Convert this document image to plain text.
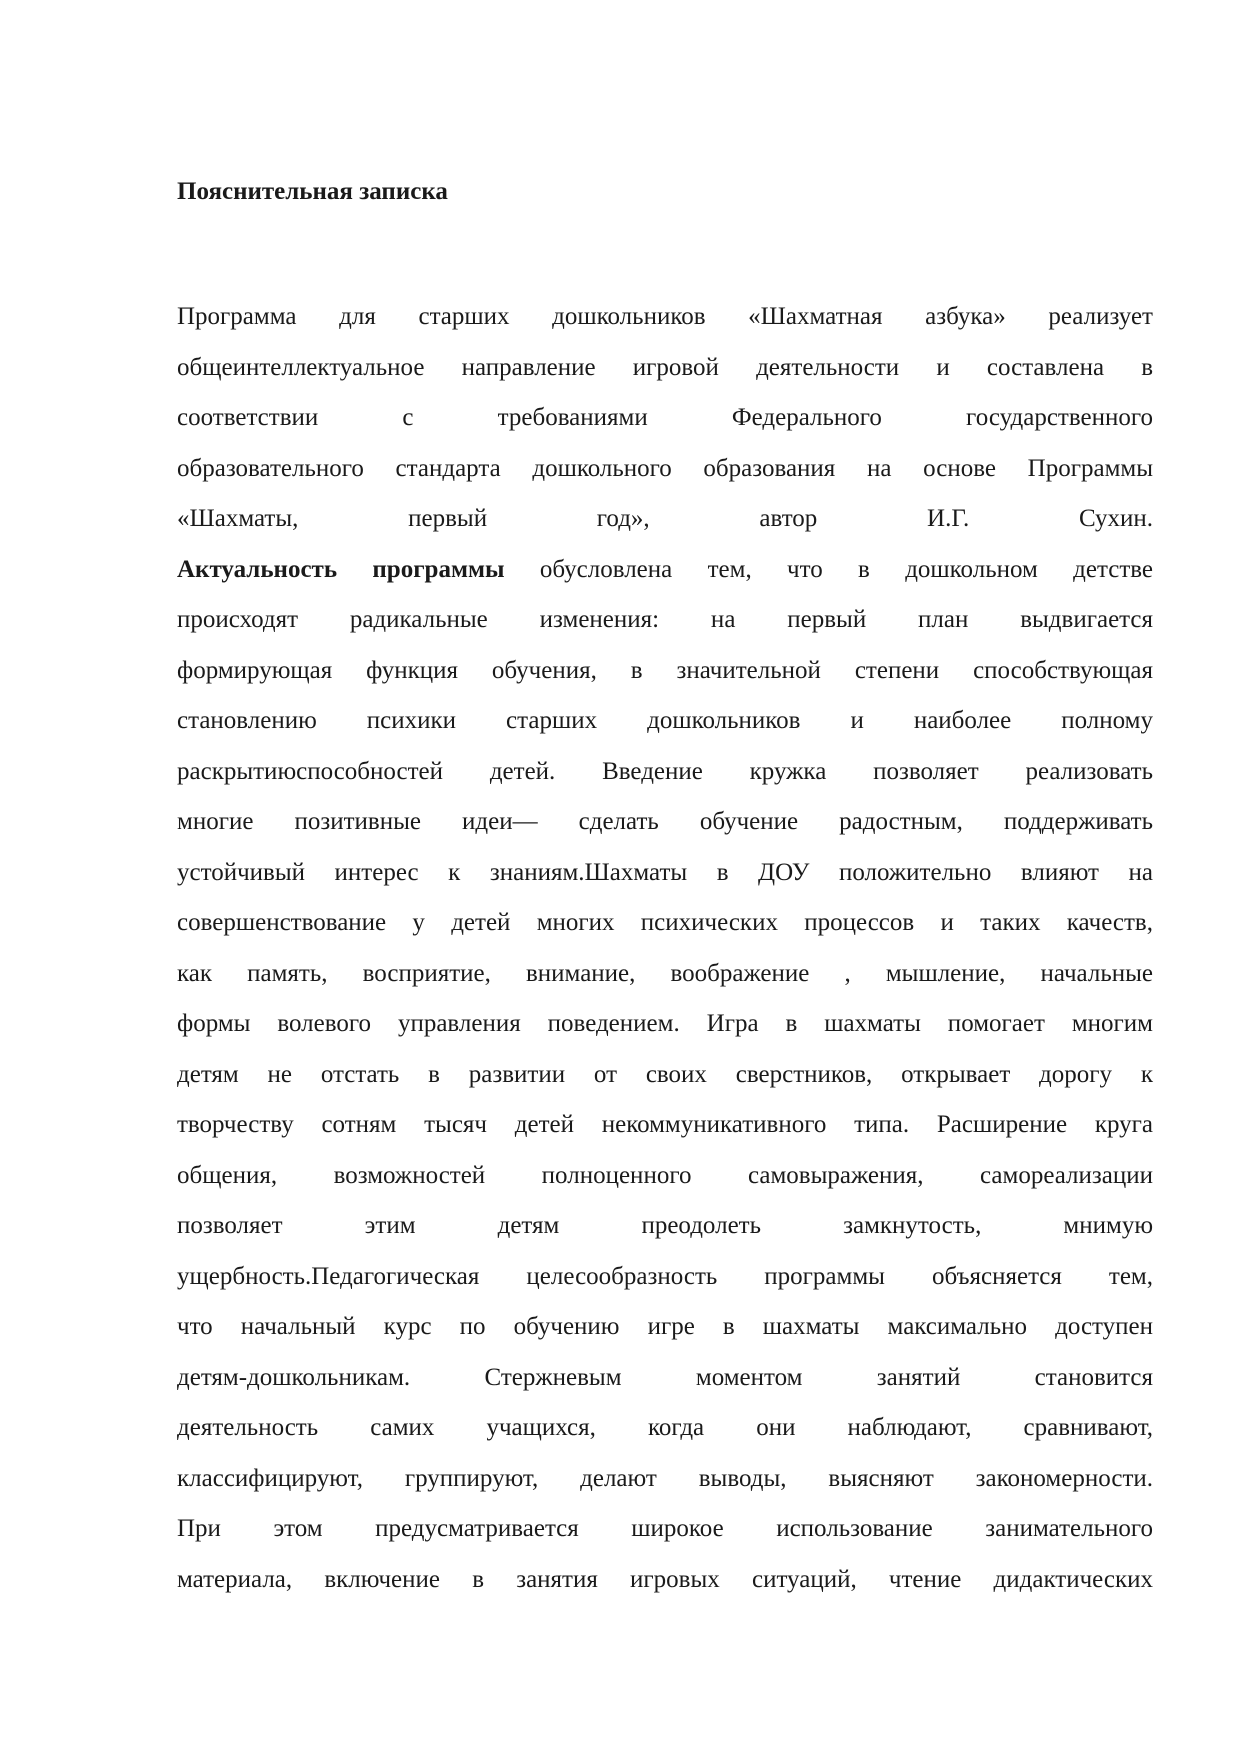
Пояснительная записка
Программа для старших дошкольников «Шахматная азбука» реализует
общеинтеллектуальное направление игровой деятельности и составлена в
соответствии с требованиями Федерального государственного
образовательного стандарта дошкольного образования на основе Программы
«Шахматы, первый год», автор И.Г. Сухин.
Актуальность программы обусловлена тем, что в дошкольном детстве
происходят радикальные изменения: на первый план выдвигается
формирующая функция обучения, в значительной степени способствующая
становлению психики старших дошкольников и наиболее полному
раскрытиюспособностей детей. Введение кружка позволяет реализовать
многие позитивные идеи— сделать обучение радостным, поддерживать
устойчивый интерес к знаниям.Шахматы в ДОУ положительно влияют на
совершенствование у детей многих психических процессов и таких качеств,
как память, восприятие, внимание, воображение , мышление, начальные
формы волевого управления поведением. Игра в шахматы помогает многим
детям не отстать в развитии от своих сверстников, открывает дорогу к
творчеству сотням тысяч детей некоммуникативного типа. Расширение круга
общения, возможностей полноценного самовыражения, самореализации
позволяет этим детям преодолеть замкнутость, мнимую
ущербность.Педагогическая целесообразность программы объясняется тем,
что начальный курс по обучению игре в шахматы максимально доступен
детям-дошкольникам. Стержневым моментом занятий становится
деятельность самих учащихся, когда они наблюдают, сравнивают,
классифицируют, группируют, делают выводы, выясняют закономерности.
При этом предусматривается широкое использование занимательного
материала, включение в занятия игровых ситуаций, чтение дидактических
